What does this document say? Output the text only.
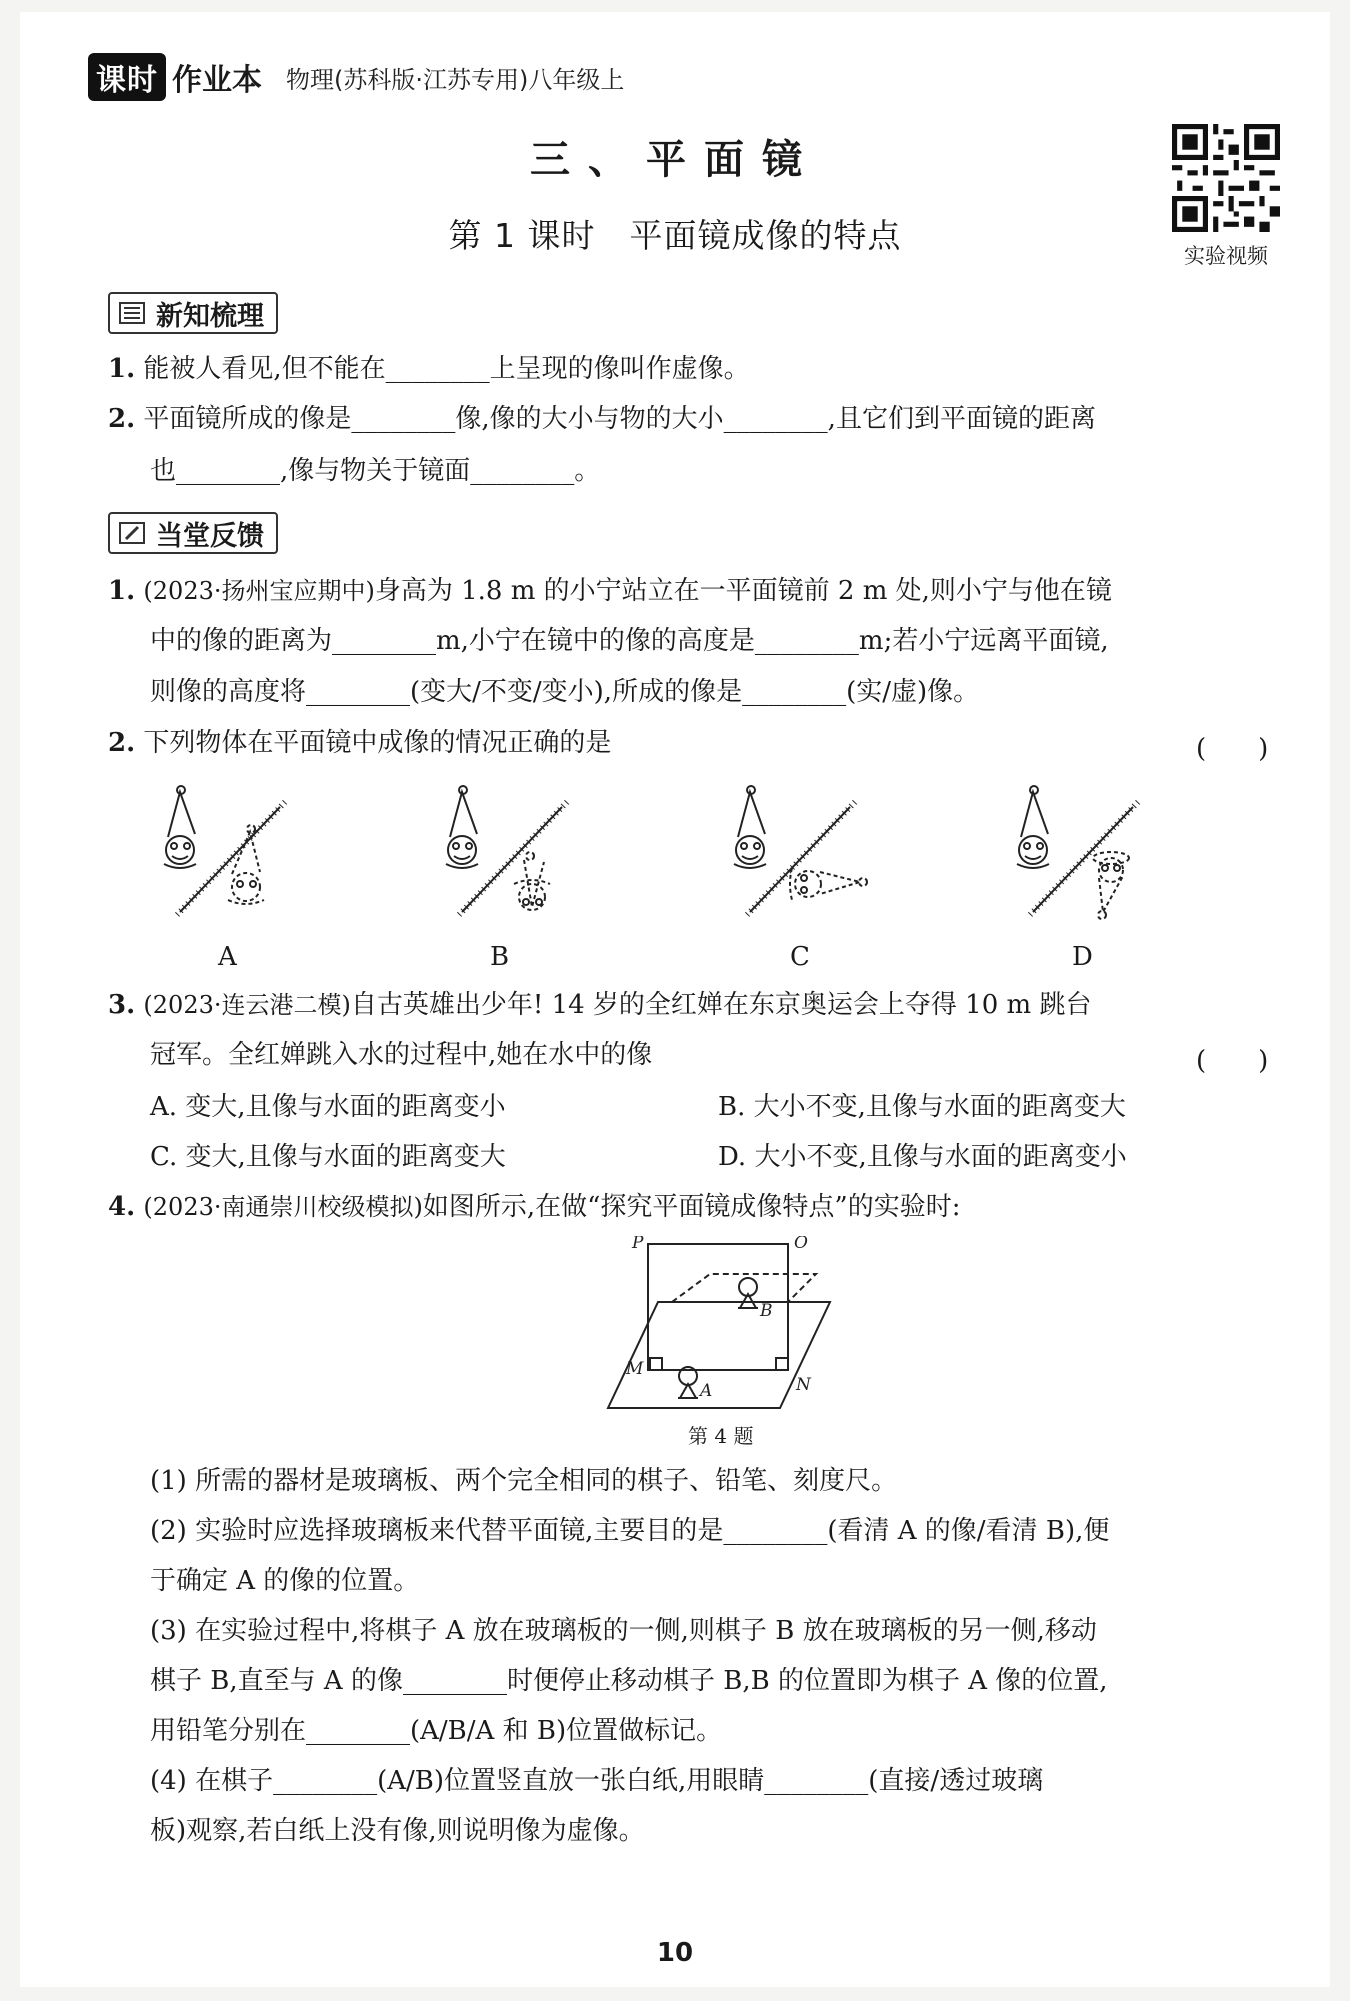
课时 作业本 物理(苏科版·江苏专用)八年级上
三、平面镜
第 1 课时　平面镜成像的特点
实验视频
新知梳理
1. 能被人看见,但不能在________上呈现的像叫作虚像。
2. 平面镜所成的像是________像,像的大小与物的大小________,且它们到平面镜的距离
也________,像与物关于镜面________。
当堂反馈
1. (2023·扬州宝应期中)身高为 1.8 m 的小宁站立在一平面镜前 2 m 处,则小宁与他在镜
中的像的距离为________m,小宁在镜中的像的高度是________m;若小宁远离平面镜,
则像的高度将________(变大/不变/变小),所成的像是________(实/虚)像。
2. 下列物体在平面镜中成像的情况正确的是	(　　)
A	B	C	D
3. (2023·连云港二模)自古英雄出少年! 14 岁的全红婵在东京奥运会上夺得 10 m 跳台
冠军。全红婵跳入水的过程中,她在水中的像	(　　)
A. 变大,且像与水面的距离变小	B. 大小不变,且像与水面的距离变大
C. 变大,且像与水面的距离变大	D. 大小不变,且像与水面的距离变小
4. (2023·南通崇川校级模拟)如图所示,在做“探究平面镜成像特点”的实验时:
P	O
M
N
A
B
第 4 题
(1) 所需的器材是玻璃板、两个完全相同的棋子、铅笔、刻度尺。
(2) 实验时应选择玻璃板来代替平面镜,主要目的是________(看清 A 的像/看清 B),便
于确定 A 的像的位置。
(3) 在实验过程中,将棋子 A 放在玻璃板的一侧,则棋子 B 放在玻璃板的另一侧,移动
棋子 B,直至与 A 的像________时便停止移动棋子 B,B 的位置即为棋子 A 像的位置,
用铅笔分别在________(A/B/A 和 B)位置做标记。
(4) 在棋子________(A/B)位置竖直放一张白纸,用眼睛________(直接/透过玻璃
板)观察,若白纸上没有像,则说明像为虚像。
10
